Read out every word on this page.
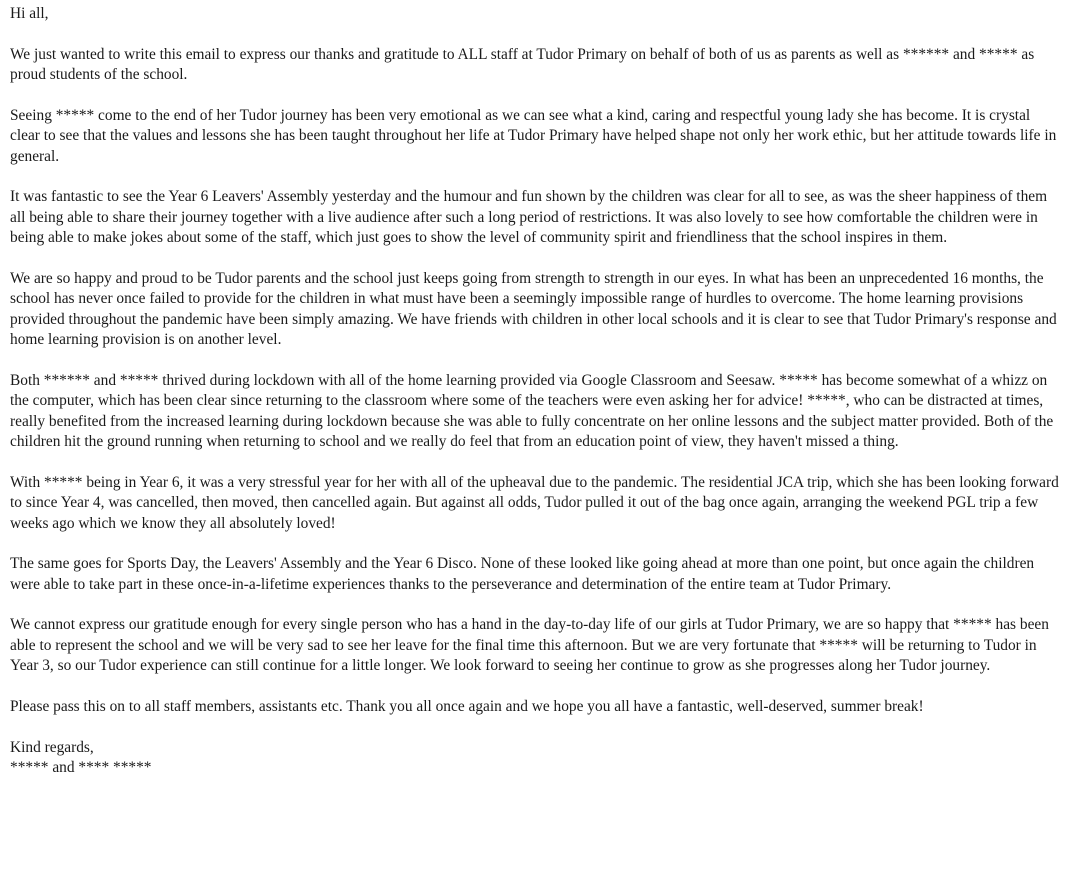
Hi all,

We just wanted to write this email to express our thanks and gratitude to ALL staff at Tudor Primary on behalf of both of us as parents as well as ****** and ***** as proud students of the school.

Seeing ***** come to the end of her Tudor journey has been very emotional as we can see what a kind, caring and respectful young lady she has become. It is crystal clear to see that the values and lessons she has been taught throughout her life at Tudor Primary have helped shape not only her work ethic, but her attitude towards life in general.

It was fantastic to see the Year 6 Leavers' Assembly yesterday and the humour and fun shown by the children was clear for all to see, as was the sheer happiness of them all being able to share their journey together with a live audience after such a long period of restrictions. It was also lovely to see how comfortable the children were in being able to make jokes about some of the staff, which just goes to show the level of community spirit and friendliness that the school inspires in them.

We are so happy and proud to be Tudor parents and the school just keeps going from strength to strength in our eyes. In what has been an unprecedented 16 months, the school has never once failed to provide for the children in what must have been a seemingly impossible range of hurdles to overcome. The home learning provisions provided throughout the pandemic have been simply amazing. We have friends with children in other local schools and it is clear to see that Tudor Primary's response and home learning provision is on another level.

Both ****** and ***** thrived during lockdown with all of the home learning provided via Google Classroom and Seesaw. ***** has become somewhat of a whizz on the computer, which has been clear since returning to the classroom where some of the teachers were even asking her for advice! *****, who can be distracted at times, really benefited from the increased learning during lockdown because she was able to fully concentrate on her online lessons and the subject matter provided. Both of the children hit the ground running when returning to school and we really do feel that from an education point of view, they haven't missed a thing.

With ***** being in Year 6, it was a very stressful year for her with all of the upheaval due to the pandemic. The residential JCA trip, which she has been looking forward to since Year 4, was cancelled, then moved, then cancelled again. But against all odds, Tudor pulled it out of the bag once again, arranging the weekend PGL trip a few weeks ago which we know they all absolutely loved!

The same goes for Sports Day, the Leavers' Assembly and the Year 6 Disco. None of these looked like going ahead at more than one point, but once again the children were able to take part in these once-in-a-lifetime experiences thanks to the perseverance and determination of the entire team at Tudor Primary.

We cannot express our gratitude enough for every single person who has a hand in the day-to-day life of our girls at Tudor Primary, we are so happy that ***** has been able to represent the school and we will be very sad to see her leave for the final time this afternoon. But we are very fortunate that ***** will be returning to Tudor in Year 3, so our Tudor experience can still continue for a little longer. We look forward to seeing her continue to grow as she progresses along her Tudor journey.

Please pass this on to all staff members, assistants etc. Thank you all once again and we hope you all have a fantastic, well-deserved, summer break!

Kind regards,

***** and **** *****
